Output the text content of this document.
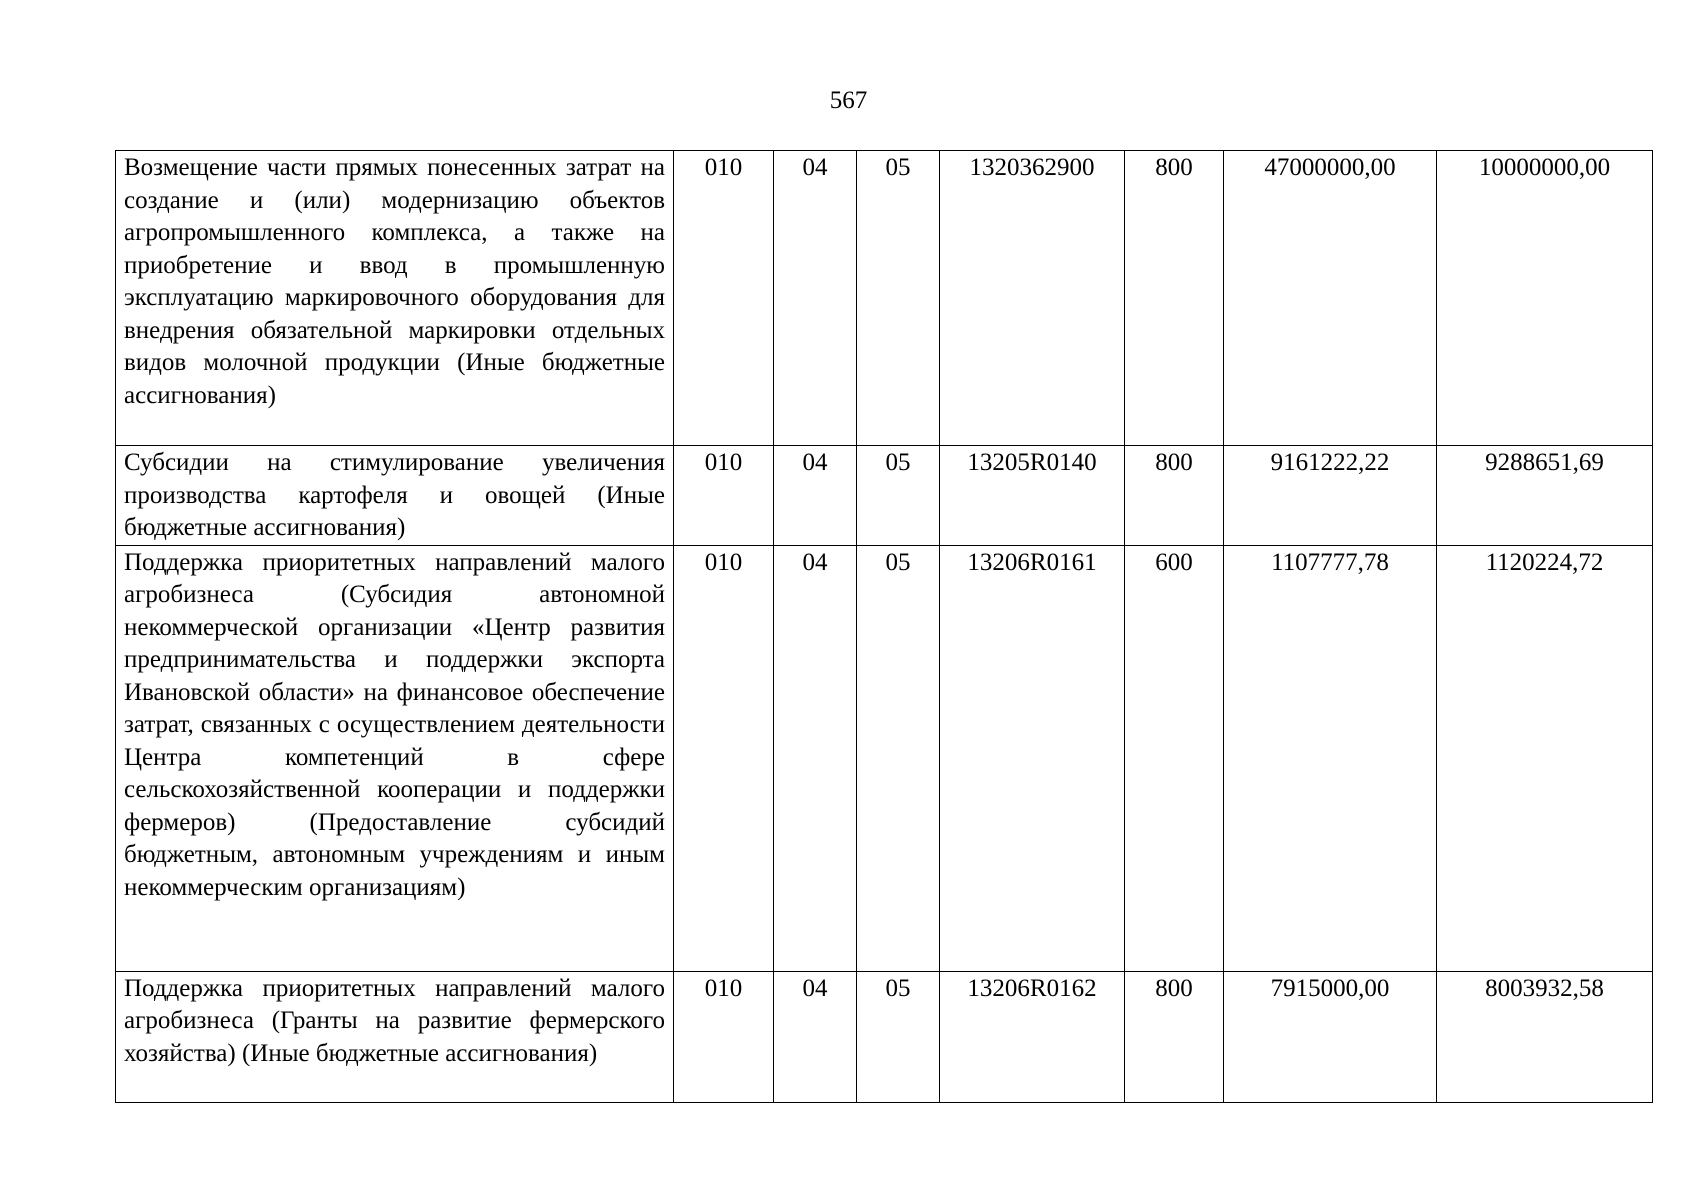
567
Возмещение части прямых понесенных затрат на создание и (или) модернизацию объектов агропромышленного комплекса, а также на приобретение и ввод в промышленную эксплуатацию маркировочного оборудования для внедрения обязательной маркировки отдельных видов молочной продукции (Иные бюджетные ассигнования)	010	04	05	1320362900	800	47000000,00	10000000,00
Субсидии на стимулирование увеличения производства картофеля и овощей (Иные бюджетные ассигнования)	010	04	05	13205R0140	800	9161222,22	9288651,69
Поддержка приоритетных направлений малого агробизнеса (Субсидия автономной некоммерческой организации «Центр развития предпринимательства и поддержки экспорта Ивановской области» на финансовое обеспечение затрат, связанных с осуществлением деятельности Центра компетенций в сфере сельскохозяйственной кооперации и поддержки фермеров) (Предоставление субсидий бюджетным, автономным учреждениям и иным некоммерческим организациям)	010	04	05	13206R0161	600	1107777,78	1120224,72
Поддержка приоритетных направлений малого агробизнеса (Гранты на развитие фермерского хозяйства) (Иные бюджетные ассигнования)	010	04	05	13206R0162	800	7915000,00	8003932,58
